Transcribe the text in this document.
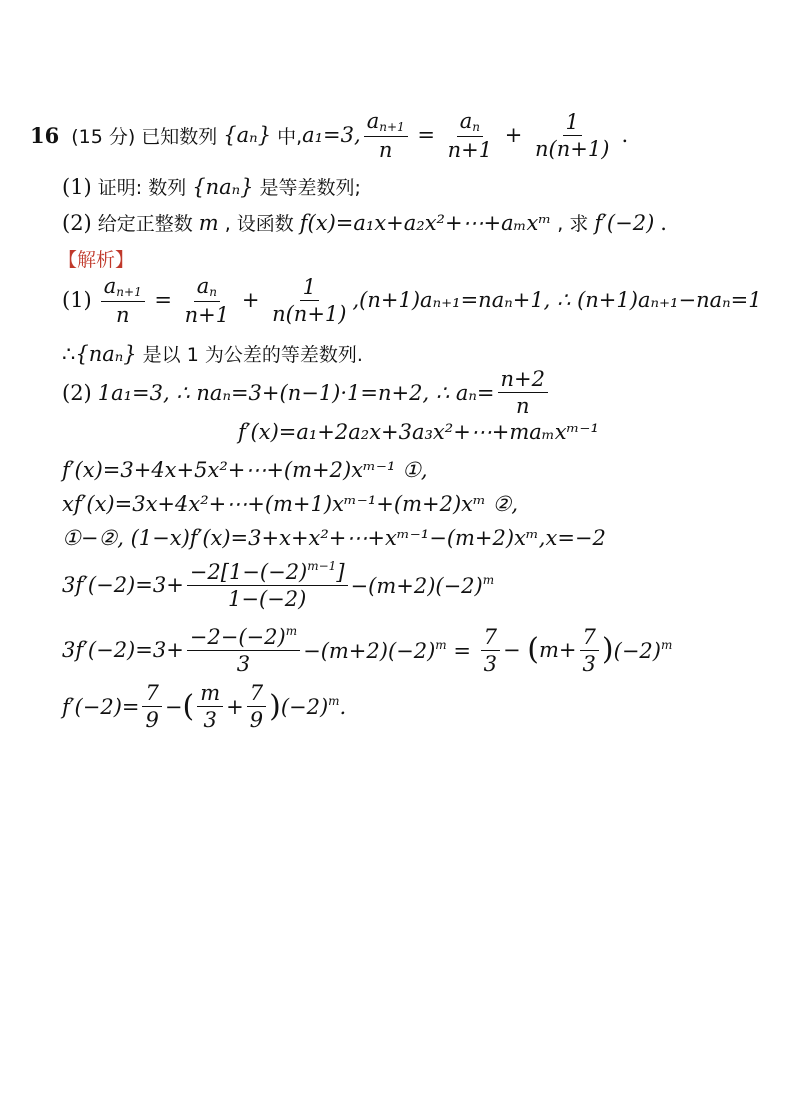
16 (15 分) 已知数列 {aₙ} 中, a₁=3, $\frac{a_{n+1}}{n} = \frac{a_n}{n+1} + \frac{1}{n(n+1)}$ .
(1) 证明: 数列 {naₙ} 是等差数列;
(2) 给定正整数 m , 设函数 f(x)=a₁x+a₂x²+⋯+aₘxᵐ , 求 f′(−2) .
【解析】
$(1) \frac{a_{n+1}}{n} = \frac{a_n}{n+1} + \frac{1}{n(n+1)} ,(n+1)a_{n+1}=na_n+1$, ∴ (n+1)aₙ₊₁−naₙ=1
∴ {naₙ} 是以 1 为公差的等差数列.
(2) 1a₁=3, ∴ naₙ=3+(n−1)·1=n+2, ∴ $a_n= \frac{n+2}{n}$
f′(x)=a₁+2a₂x+3a₃x²+⋯+maₘxᵐ⁻¹
f′(x)=3+4x+5x²+⋯+(m+2)xᵐ⁻¹ ①,
xf′(x)=3x+4x²+⋯+(m+1)xᵐ⁻¹+(m+2)xᵐ ②,
①−②, (1−x)f′(x)=3+x+x²+⋯+xᵐ⁻¹−(m+2)xᵐ,x=−2
$3f'(-2)=3+ \frac{-2[1-(-2)^{m-1}]}{1-(-2)} -(m+2)(-2)^m$
$3f'(-2)=3+ \frac{-2-(-2)^m}{3} -(m+2)(-2)^m = \frac{7}{3}$ − ( $m+ \frac{7}{3}$ ) $(-2)^m$
$f'(-2)= \frac{7}{9}$ − ( $\frac{m}{3} + \frac{7}{9}$ ) $(-2)^m$.
